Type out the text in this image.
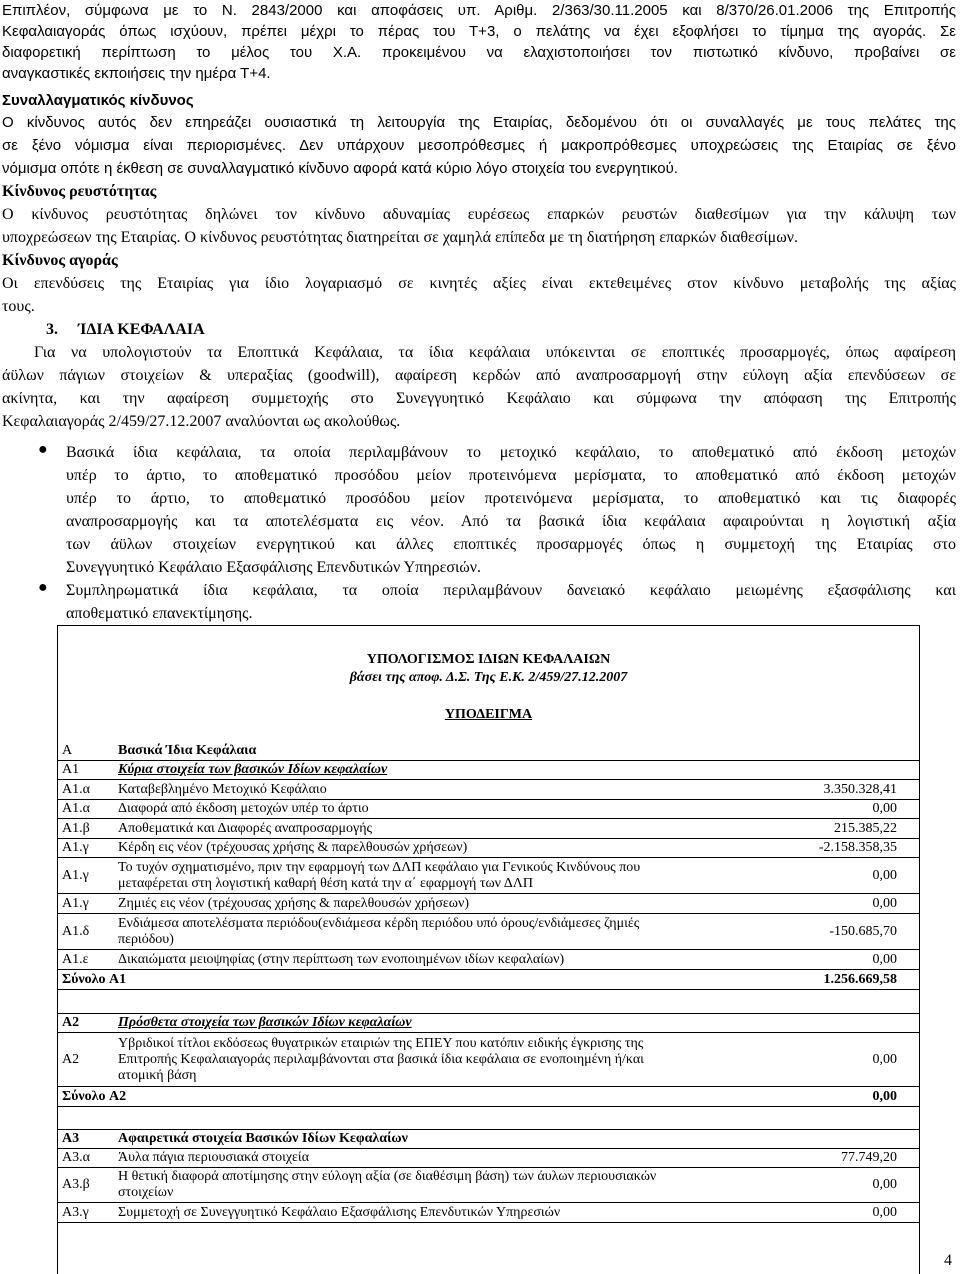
Επιπλέον, σύμφωνα με το Ν. 2843/2000 και αποφάσεις υπ. Αριθμ. 2/363/30.11.2005 και 8/370/26.01.2006 της Επιτροπής
Κεφαλαιαγοράς όπως ισχύουν, πρέπει μέχρι το πέρας του Τ+3, ο πελάτης να έχει εξοφλήσει το τίμημα της αγοράς. Σε
διαφορετική περίπτωση το μέλος του Χ.Α. προκειμένου να ελαχιστοποιήσει τον πιστωτικό κίνδυνο, προβαίνει σε
αναγκαστικές εκποιήσεις την ημέρα Τ+4.
Συναλλαγματικός κίνδυνος
Ο κίνδυνος αυτός δεν επηρεάζει ουσιαστικά τη λειτουργία της Εταιρίας, δεδομένου ότι οι συναλλαγές με τους πελάτες της
σε ξένο νόμισμα είναι περιορισμένες. Δεν υπάρχουν μεσοπρόθεσμες ή μακροπρόθεσμες υποχρεώσεις της Εταιρίας σε ξένο
νόμισμα οπότε η έκθεση σε συναλλαγματικό κίνδυνο αφορά κατά κύριο λόγο στοιχεία του ενεργητικού.
Κίνδυνος ρευστότητας
Ο κίνδυνος ρευστότητας δηλώνει τον κίνδυνο αδυναμίας ευρέσεως επαρκών ρευστών διαθεσίμων για την κάλυψη των
υποχρεώσεων της Εταιρίας. Ο κίνδυνος ρευστότητας διατηρείται σε χαμηλά επίπεδα με τη διατήρηση επαρκών διαθεσίμων.
Κίνδυνος αγοράς
Οι επενδύσεις της Εταιρίας για ίδιο λογαριασμό σε κινητές αξίες είναι εκτεθειμένες στον κίνδυνο μεταβολής της αξίας
τους.
3. ΊΔΙΑ ΚΕΦΑΛΑΙΑ
Για να υπολογιστούν τα Εποπτικά Κεφάλαια, τα ίδια κεφάλαια υπόκεινται σε εποπτικές προσαρμογές, όπως αφαίρεση
άϋλων πάγιων στοιχείων & υπεραξίας (goodwill), αφαίρεση κερδών από αναπροσαρμογή στην εύλογη αξία επενδύσεων σε
ακίνητα, και την αφαίρεση συμμετοχής στο Συνεγγυητικό Κεφάλαιο και σύμφωνα την απόφαση της Επιτροπής
Κεφαλαιαγοράς 2/459/27.12.2007 αναλύονται ως ακολούθως.
● Βασικά ίδια κεφάλαια, τα οποία περιλαμβάνουν το μετοχικό κεφάλαιο, το αποθεματικό από έκδοση μετοχών
υπέρ το άρτιο, το αποθεματικό προσόδου μείον προτεινόμενα μερίσματα, το αποθεματικό από έκδοση μετοχών
υπέρ το άρτιο, το αποθεματικό προσόδου μείον προτεινόμενα μερίσματα, το αποθεματικό και τις διαφορές
αναπροσαρμογής και τα αποτελέσματα εις νέον. Από τα βασικά ίδια κεφάλαια αφαιρούνται η λογιστική αξία
των άϋλων στοιχείων ενεργητικού και άλλες εποπτικές προσαρμογές όπως η συμμετοχή της Εταιρίας στο
Συνεγγυητικό Κεφάλαιο Εξασφάλισης Επενδυτικών Υπηρεσιών.
● Συμπληρωματικά ίδια κεφάλαια, τα οποία περιλαμβάνουν δανειακό κεφάλαιο μειωμένης εξασφάλισης και
αποθεματικό επανεκτίμησης.
ΥΠΟΛΟΓΙΣΜΟΣ ΙΔΙΩΝ ΚΕΦΑΛΑΙΩΝ
βάσει της αποφ. Δ.Σ. Της Ε.Κ. 2/459/27.12.2007
ΥΠΟΔΕΙΓΜΑ
A	Βασικά Ίδια Κεφάλαια
A1	Κύρια στοιχεία των βασικών Ιδίων κεφαλαίων
A1.α	Καταβεβλημένο Μετοχικό Κεφάλαιο	3.350.328,41
A1.α	Διαφορά από έκδοση μετοχών υπέρ το άρτιο	0,00
A1.β	Αποθεματικά και Διαφορές αναπροσαρμογής	215.385,22
A1.γ	Κέρδη εις νέον (τρέχουσας χρήσης & παρελθουσών χρήσεων)	-2.158.358,35
A1.γ
Το τυχόν σχηματισμένο, πριν την εφαρμογή των ΔΛΠ κεφάλαιο για Γενικούς Κινδύνους που
μεταφέρεται στη λογιστική καθαρή θέση κατά την α΄ εφαρμογή των ΔΛΠ
0,00
A1.γ	Ζημιές εις νέον (τρέχουσας χρήσης & παρελθουσών χρήσεων)	0,00
A1.δ
Ενδιάμεσα αποτελέσματα περιόδου(ενδιάμεσα κέρδη περιόδου υπό όρους/ενδιάμεσες ζημιές
περιόδου)
-150.685,70
A1.ε	Δικαιώματα μειοψηφίας (στην περίπτωση των ενοποιημένων ιδίων κεφαλαίων)	0,00
Σύνολο A1	1.256.669,58
A2	Πρόσθετα στοιχεία των βασικών Ιδίων κεφαλαίων
A2
Υβριδικοί τίτλοι εκδόσεως θυγατρικών εταιριών της ΕΠΕΥ που κατόπιν ειδικής έγκρισης της
Επιτροπής Κεφαλαιαγοράς περιλαμβάνονται στα βασικά ίδια κεφάλαια σε ενοποιημένη ή/και
ατομική βάση
0,00
Σύνολο A2	0,00
A3	Αφαιρετικά στοιχεία Βασικών Ιδίων Κεφαλαίων
A3.α	Άυλα πάγια περιουσιακά στοιχεία	77.749,20
A3.β
Η θετική διαφορά αποτίμησης στην εύλογη αξία (σε διαθέσιμη βάση) των άυλων περιουσιακών
στοιχείων
0,00
A3.γ	Συμμετοχή σε Συνεγγυητικό Κεφάλαιο Εξασφάλισης Επενδυτικών Υπηρεσιών	0,00
4
